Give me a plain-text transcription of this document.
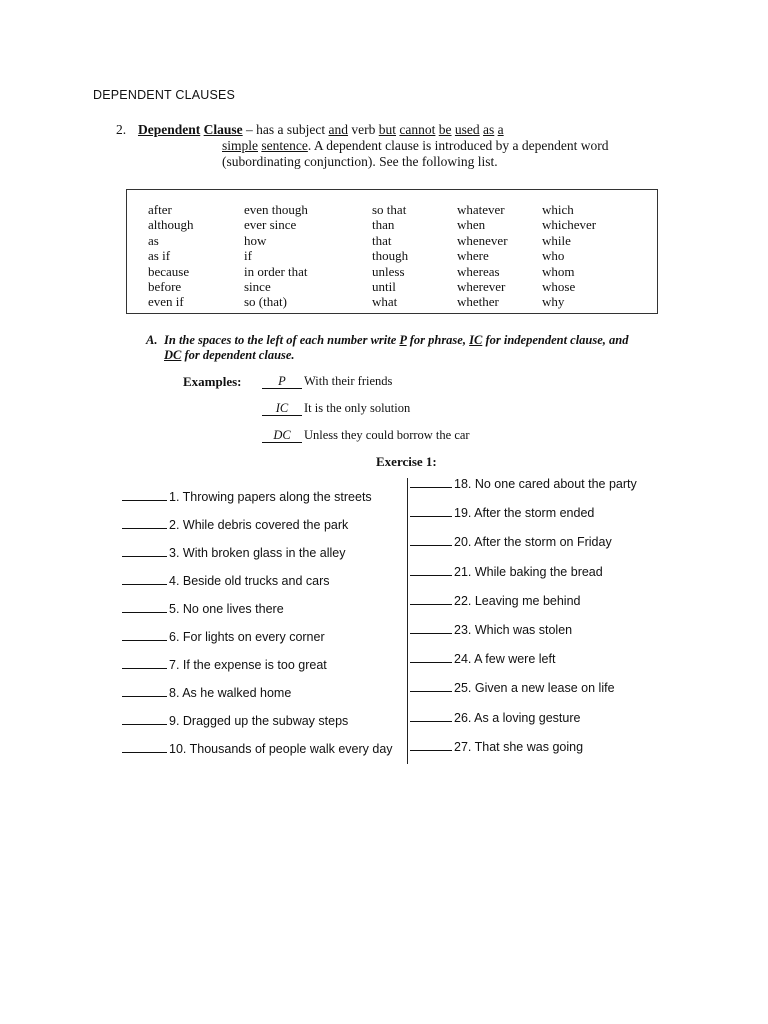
DEPENDENT CLAUSES
2. Dependent Clause – has a subject and verb but cannot be used as a
simple sentence. A dependent clause is introduced by a dependent word
(subordinating conjunction). See the following list.
after
although
as
as if
because
before
even if
even though
ever since
how
if
in order that
since
so (that)
so that
than
that
though
unless
until
what
whatever
when
whenever
where
whereas
wherever
whether
which
whichever
while
who
whom
whose
why
A. In the spaces to the left of each number write P for phrase, IC for independent clause, and
DC for dependent clause.
Examples:	P With their friends
IC It is the only solution
DC Unless they could borrow the car
Exercise 1:
1. Throwing papers along the streets
2. While debris covered the park
3. With broken glass in the alley
4. Beside old trucks and cars
5. No one lives there
6. For lights on every corner
7. If the expense is too great
8. As he walked home
9. Dragged up the subway steps
10. Thousands of people walk every day
18. No one cared about the party
19. After the storm ended
20. After the storm on Friday
21. While baking the bread
22. Leaving me behind
23. Which was stolen
24. A few were left
25. Given a new lease on life
26. As a loving gesture
27. That she was going
